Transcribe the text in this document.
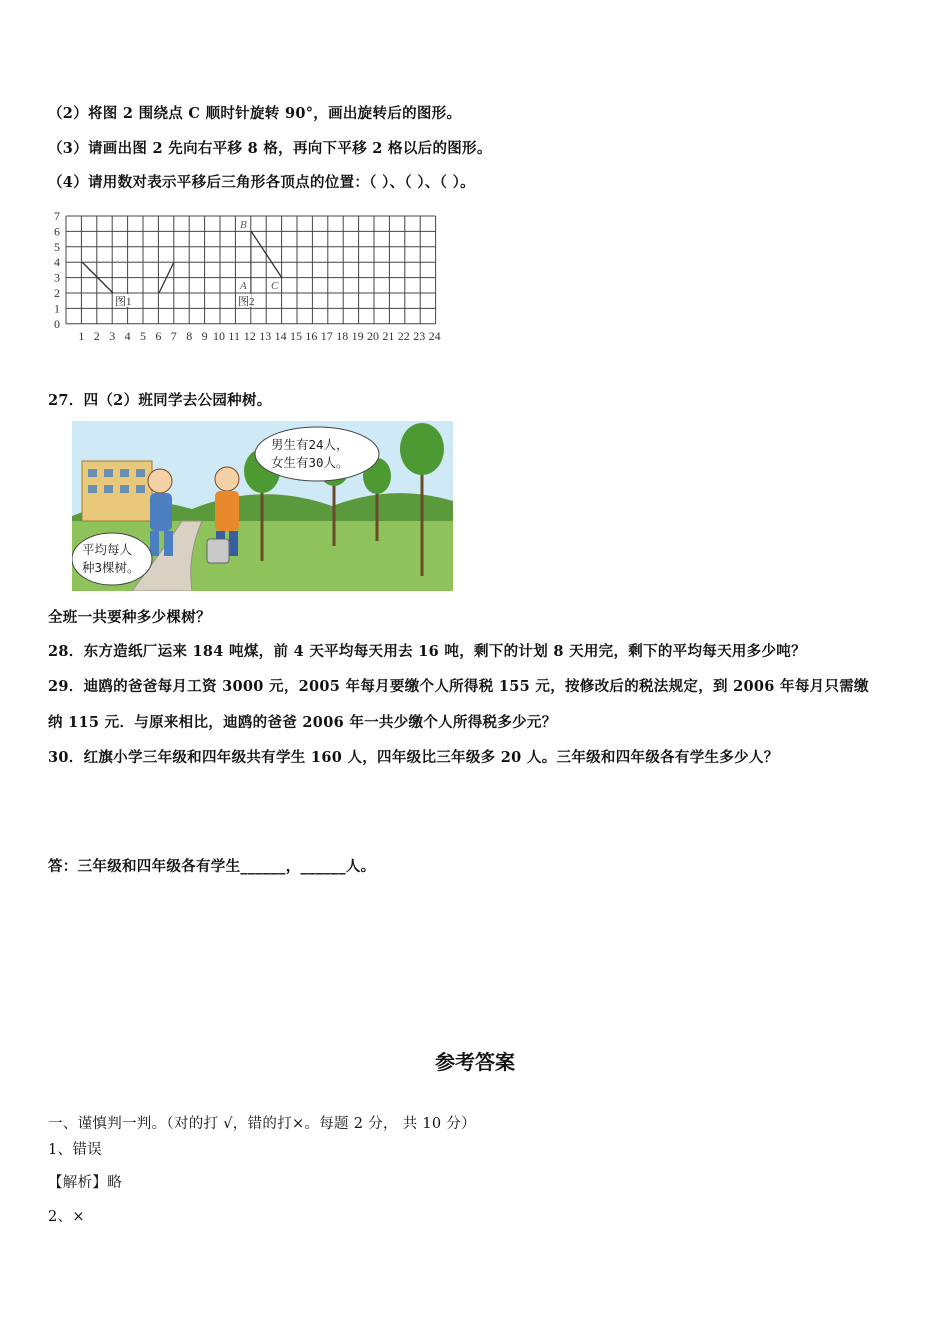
（2）将图 2 围绕点 C 顺时针旋转 90°，画出旋转后的图形。
（3）请画出图 2 先向右平移 8 格，再向下平移 2 格以后的图形。
（4）请用数对表示平移后三角形各顶点的位置：（ ）、（ ）、（ ）。
0
1
2
3
4
5
6
7
1 2 3 4 5 6 7 8 9 10 11 12 13 14 15 16 17 18 19 20 21 22 23 24
图1	图2
A
B
C
27．四（2）班同学去公园种树。
男生有24人，
女生有30人。
平均每人
种3棵树。
全班一共要种多少棵树？
28．东方造纸厂运来 184 吨煤，前 4 天平均每天用去 16 吨，剩下的计划 8 天用完，剩下的平均每天用多少吨？
29．迪鸥的爸爸每月工资 3000 元，2005 年每月要缴个人所得税 155 元，按修改后的税法规定，到 2006 年每月只需缴
纳 115 元．与原来相比，迪鸥的爸爸 2006 年一共少缴个人所得税多少元？
30．红旗小学三年级和四年级共有学生 160 人，四年级比三年级多 20 人。三年级和四年级各有学生多少人？
答：三年级和四年级各有学生______，______人。
参考答案
一、谨慎判一判。（对的打 √，错的打×。每题 2 分， 共 10 分）
1、错误
【解析】略
2、×
